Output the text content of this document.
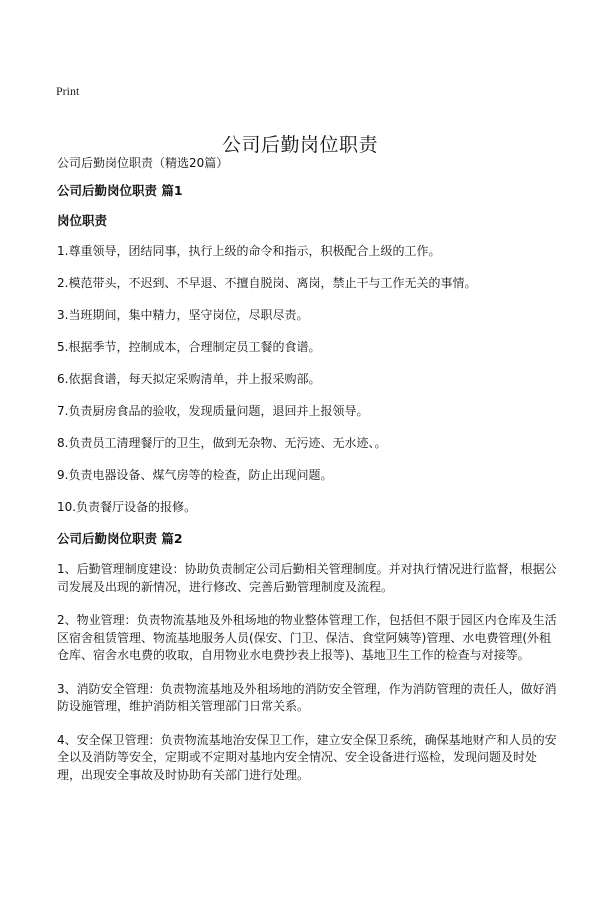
Print
公司后勤岗位职责

公司后勤岗位职责（精选20篇）

公司后勤岗位职责 篇1

岗位职责

1.尊重领导，团结同事，执行上级的命令和指示，积极配合上级的工作。

2.模范带头，不迟到、不早退、不擅自脱岗、离岗，禁止干与工作无关的事情。

3.当班期间，集中精力，坚守岗位，尽职尽责。

5.根据季节，控制成本，合理制定员工餐的食谱。

6.依据食谱，每天拟定采购清单，并上报采购部。

7.负责厨房食品的验收，发现质量问题，退回并上报领导。

8.负责员工清理餐厅的卫生，做到无杂物、无污迹、无水迹、。

9.负责电器设备、煤气房等的检查，防止出现问题。

10.负责餐厅设备的报修。

公司后勤岗位职责 篇2

1、后勤管理制度建设：协助负责制定公司后勤相关管理制度。并对执行情况进行监督，根据公司发展及出现的新情况，进行修改、完善后勤管理制度及流程。

2、物业管理：负责物流基地及外租场地的物业整体管理工作，包括但不限于园区内仓库及生活区宿舍租赁管理、物流基地服务人员(保安、门卫、保洁、食堂阿姨等)管理、水电费管理(外租仓库、宿舍水电费的收取，自用物业水电费抄表上报等)、基地卫生工作的检查与对接等。

3、消防安全管理：负责物流基地及外租场地的消防安全管理，作为消防管理的责任人，做好消防设施管理，维护消防相关管理部门日常关系。

4、安全保卫管理：负责物流基地治安保卫工作，建立安全保卫系统，确保基地财产和人员的安全以及消防等安全，定期或不定期对基地内安全情况、安全设备进行巡检，发现问题及时处理，出现安全事故及时协助有关部门进行处理。
